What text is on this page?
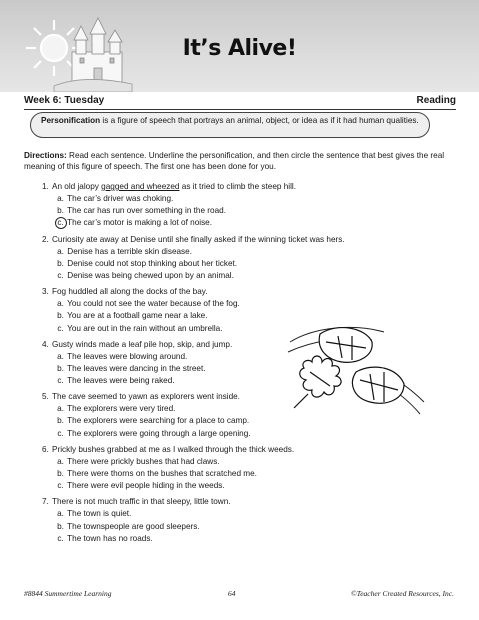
It’s Alive!
Week 6: Tuesday	Reading
Personification is a figure of speech that portrays an animal, object, or idea as if it had human qualities.
Directions: Read each sentence. Underline the personification, and then circle the sentence that best gives the real meaning of this figure of speech. The first one has been done for you.
1. An old jalopy gagged and wheezed as it tried to climb the steep hill.
a. The car’s driver was choking.
b. The car has run over something in the road.
c. The car’s motor is making a lot of noise.
2. Curiosity ate away at Denise until she finally asked if the winning ticket was hers.
a. Denise has a terrible skin disease.
b. Denise could not stop thinking about her ticket.
c. Denise was being chewed upon by an animal.
3. Fog huddled all along the docks of the bay.
a. You could not see the water because of the fog.
b. You are at a football game near a lake.
c. You are out in the rain without an umbrella.
4. Gusty winds made a leaf pile hop, skip, and jump.
a. The leaves were blowing around.
b. The leaves were dancing in the street.
c. The leaves were being raked.
5. The cave seemed to yawn as explorers went inside.
a. The explorers were very tired.
b. The explorers were searching for a place to camp.
c. The explorers were going through a large opening.
6. Prickly bushes grabbed at me as I walked through the thick weeds.
a. There were prickly bushes that had claws.
b. There were thorns on the bushes that scratched me.
c. There were evil people hiding in the weeds.
7. There is not much traffic in that sleepy, little town.
a. The town is quiet.
b. The townspeople are good sleepers.
c. The town has no roads.
#8844 Summertime Learning	64	©Teacher Created Resources, Inc.
